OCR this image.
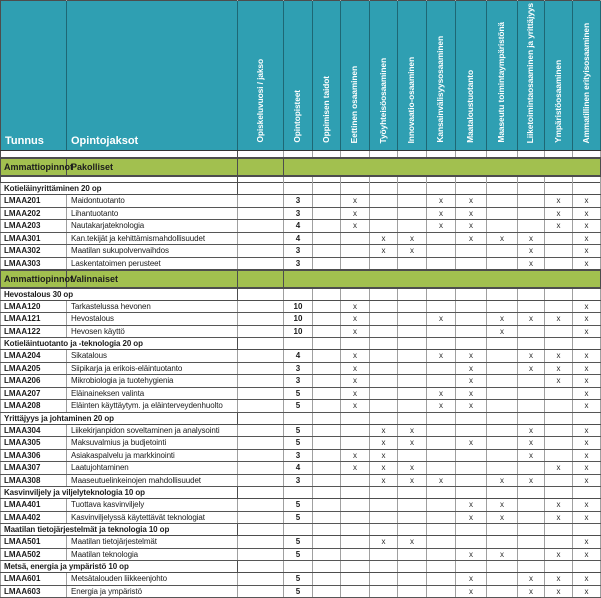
Tunnus	Opintojaksot	Opiskeluvuosi / jakso	Opintopisteet	Oppimisen taidot	Eettinen osaaminen	Työyhteisöosaaminen	Innovaatio-osaaminen	Kansainvälisyysosaaminen	Maataloustuotanto	Maaseutu toimintaympäristönä	Liiketoimintaosaaminen ja yrittäjyys	Ympäristöosaaminen	Ammatillinen erityisosaaminen

Ammattiopinnot	Pakolliset												

Kotieläinyrittäminen 20 op													
LMAA201	Maidontuotanto		3		x			x	x			x	x
LMAA202	Lihantuotanto		3		x			x	x			x	x
LMAA203	Nautakarjateknologia		4		x			x	x			x	x
LMAA301	Kan.tekijät ja kehittämismahdollisuudet		4			x	x		x	x	x		x
LMAA302	Maatilan sukupolvenvaihdos		3			x	x				x		x
LMAA303	Laskentatoimen perusteet		3								x		x
Ammattiopinnot	Valinnaiset												
Hevostalous 30 op													
LMAA120	Tarkastelussa hevonen		10		x								x
LMAA121	Hevostalous		10		x			x		x	x	x	x
LMAA122	Hevosen käyttö		10		x					x			x
Kotieläintuotanto ja -teknologia 20 op													
LMAA204	Sikatalous		4		x			x	x		x	x	x
LMAA205	Siipikarja ja erikois-eläintuotanto		3		x				x		x	x	x
LMAA206	Mikrobiologia ja tuotehygienia		3		x				x			x	x
LMAA207	Eläinaineksen valinta		5		x			x	x				x
LMAA208	Eläinten käyttäytym. ja eläinterveydenhuolto		5		x			x	x				x
Yrittäjyys ja johtaminen 20 op													
LMAA304	Liikekirjanpidon soveltaminen ja analysointi		5			x	x				x		x
LMAA305	Maksuvalmius ja budjetointi		5			x	x		x		x		x
LMAA306	Asiakaspalvelu ja markkinointi		3		x	x					x		x
LMAA307	Laatujohtaminen		4		x	x	x					x	x
LMAA308	Maaseutuelinkeinojen mahdollisuudet		3			x	x	x		x	x		x
Kasvinviljely ja viljelyteknologia 10 op													
LMAA401	Tuottava kasvinviljely		5						x	x		x	x
LMAA402	Kasvinviljelyssä käytettävät teknologiat		5						x	x		x	x
Maatilan tietojärjestelmät ja teknologia 10 op													
LMAA501	Maatilan tietojärjestelmät		5			x	x						x
LMAA502	Maatilan teknologia		5						x	x		x	x
Metsä, energia ja ympäristö 10 op													
LMAA601	Metsätalouden liikkeenjohto		5						x		x	x	x
LMAA603	Energia ja ympäristö		5						x		x	x	x
